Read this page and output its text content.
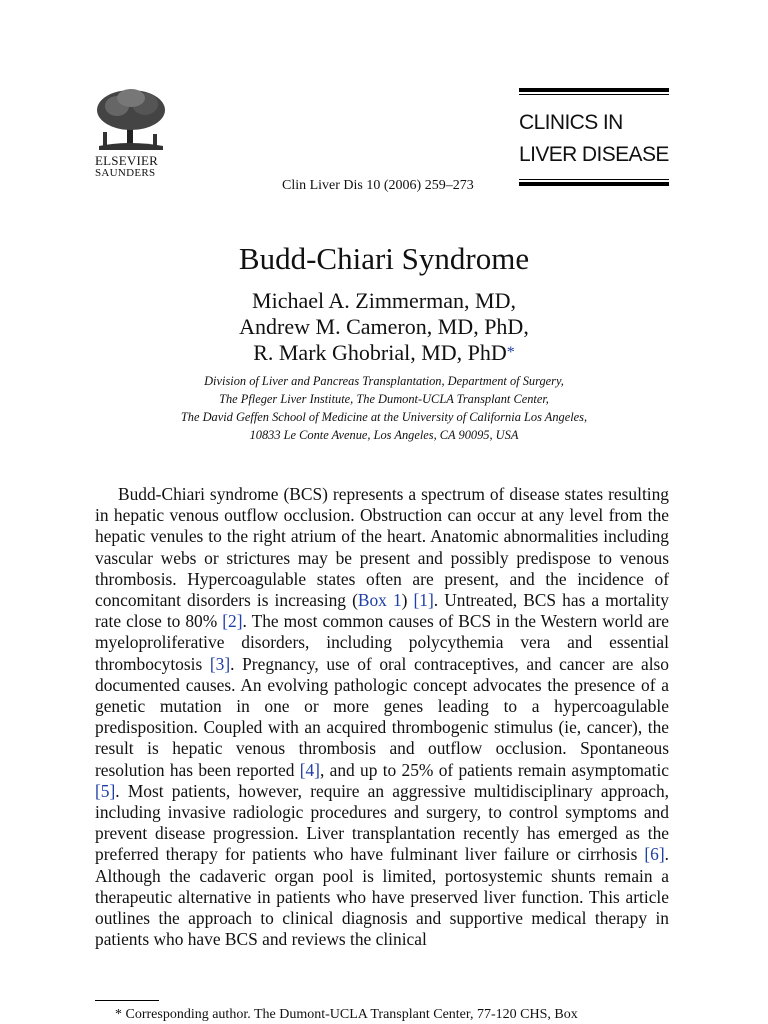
ELSEVIER
SAUNDERS
CLINICS IN
LIVER DISEASE
Clin Liver Dis 10 (2006) 259–273
Budd-Chiari Syndrome
Michael A. Zimmerman, MD,
Andrew M. Cameron, MD, PhD,
R. Mark Ghobrial, MD, PhD*
Division of Liver and Pancreas Transplantation, Department of Surgery,
The Pfleger Liver Institute, The Dumont-UCLA Transplant Center,
The David Geffen School of Medicine at the University of California Los Angeles,
10833 Le Conte Avenue, Los Angeles, CA 90095, USA

Budd-Chiari syndrome (BCS) represents a spectrum of disease states resulting in hepatic venous outflow occlusion. Obstruction can occur at any level from the hepatic venules to the right atrium of the heart. Anatomic abnormalities including vascular webs or strictures may be present and possibly predispose to venous thrombosis. Hypercoagulable states often are present, and the incidence of concomitant disorders is increasing (Box 1) [1]. Untreated, BCS has a mortality rate close to 80% [2]. The most common causes of BCS in the Western world are myeloproliferative disorders, including polycythemia vera and essential thrombocytosis [3]. Pregnancy, use of oral contraceptives, and cancer are also documented causes. An evolving pathologic concept advocates the presence of a genetic mutation in one or more genes leading to a hypercoagulable predisposition. Coupled with an acquired thrombogenic stimulus (ie, cancer), the result is hepatic venous thrombosis and outflow occlusion. Spontaneous resolution has been reported [4], and up to 25% of patients remain asymptomatic [5]. Most patients, however, require an aggressive multidisciplinary approach, including invasive radiologic procedures and surgery, to control symptoms and prevent disease progression. Liver transplantation recently has emerged as the preferred therapy for patients who have fulminant liver failure or cirrhosis [6]. Although the cadaveric organ pool is limited, portosystemic shunts remain a therapeutic alternative in patients who have preserved liver function. This article outlines the approach to clinical diagnosis and supportive medical therapy in patients who have BCS and reviews the clinical

* Corresponding author. The Dumont-UCLA Transplant Center, 77-120 CHS, Box
